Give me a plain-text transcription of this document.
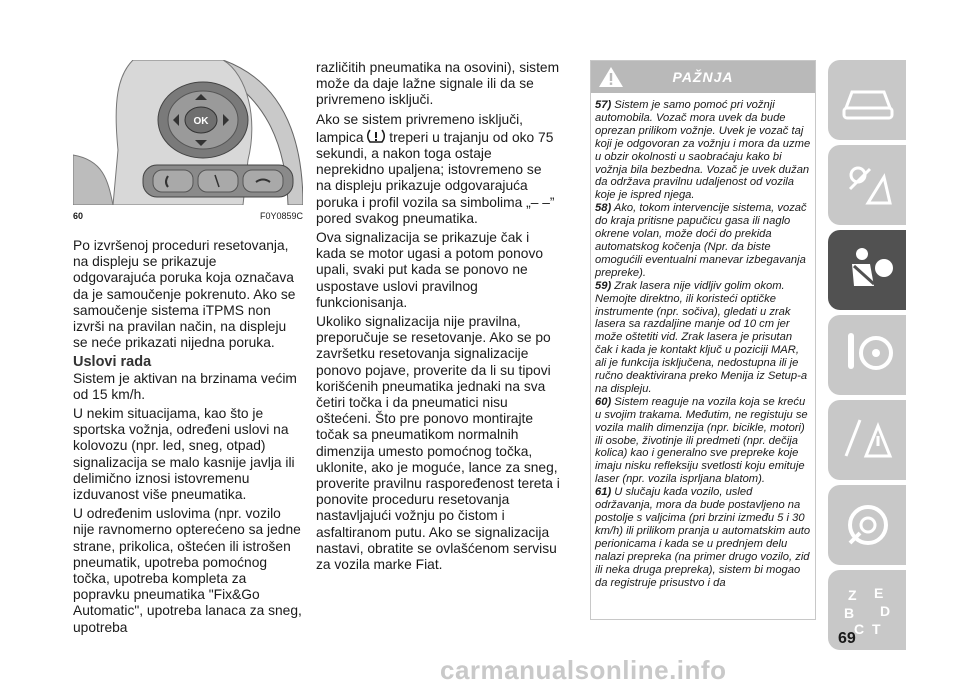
OK
60	F0Y0859C

Po izvršenoj proceduri resetovanja, na displeju se prikazuje odgovarajuća poruka koja označava da je samoučenje pokrenuto. Ako se samoučenje sistema iTPMS non izvrši na pravilan način, na displeju se neće prikazati nijedna poruka.

Uslovi rada

Sistem je aktivan na brzinama većim od 15 km/h.

U nekim situacijama, kao što je sportska vožnja, određeni uslovi na kolovozu (npr. led, sneg, otpad) signalizacija se malo kasnije javlja ili delimično iznosi istovremenu izduvanost više pneumatika.

U određenim uslovima (npr. vozilo nije ravnomerno opterećeno sa jedne strane, prikolica, oštećen ili istrošen pneumatik, upotreba pomoćnog točka, upotreba kompleta za popravku pneumatika "Fix&Go Automatic", upotreba lanaca za sneg, upotreba

različitih pneumatika na osovini), sistem može da daje lažne signale ili da se privremeno isključi.

Ako se sistem privremeno isključi, lampica treperi u trajanju od oko 75 sekundi, a nakon toga ostaje neprekidno upaljena; istovremeno se na displeju prikazuje odgovarajuća poruka i profil vozila sa simbolima „– –” pored svakog pneumatika.

Ova signalizacija se prikazuje čak i kada se motor ugasi a potom ponovo upali, svaki put kada se ponovo ne uspostave uslovi pravilnog funkcionisanja.

Ukoliko signalizacija nije pravilna, preporučuje se resetovanje. Ako se po završetku resetovanja signalizacije ponovo pojave, proverite da li su tipovi korišćenih pneumatika jednaki na sva četiri točka i da pneumatici nisu oštećeni. Što pre ponovo montirajte točak sa pneumatikom normalnih dimenzija umesto pomoćnog točka, uklonite, ako je moguće, lance za sneg, proverite pravilnu raspoređenost tereta i ponovite proceduru resetovanja nastavljajući vožnju po čistom i asfaltiranom putu. Ako se signalizacija nastavi, obratite se ovlašćenom servisu za vozila marke Fiat.

PAŽNJA

57) Sistem je samo pomoć pri vožnji automobila. Vozač mora uvek da bude oprezan prilikom vožnje. Uvek je vozač taj koji je odgovoran za vožnju i mora da uzme u obzir okolnosti u saobraćaju kako bi vožnja bila bezbedna. Vozač je uvek dužan da održava pravilnu udaljenost od vozila koje je ispred njega.

58) Ako, tokom intervencije sistema, vozač do kraja pritisne papučicu gasa ili naglo okrene volan, može doći do prekida automatskog kočenja (Npr. da biste omogućili eventualni manevar izbegavanja prepreke).

59) Zrak lasera nije vidljiv golim okom. Nemojte direktno, ili koristeći optičke instrumente (npr. sočiva), gledati u zrak lasera sa razdaljine manje od 10 cm jer može oštetiti vid. Zrak lasera je prisutan čak i kada je kontakt ključ u poziciji MAR, ali je funkcija isključena, nedostupna ili je ručno deaktivirana preko Menija iz Setup-a na displeju.

60) Sistem reaguje na vozila koja se kreću u svojim trakama. Međutim, ne registuju se vozila malih dimenzija (npr. bicikle, motori) ili osobe, životinje ili predmeti (npr. dečija kolica) kao i generalno sve prepreke koje imaju nisku refleksiju svetlosti koju emituje laser (npr. vozila isprljana blatom).

61) U slučaju kada vozilo, usled održavanja, mora da bude postavljeno na postolje s valjcima (pri brzini između 5 i 30 km/h) ili prilikom pranja u automatskim auto perionicama i kada se u prednjem delu nalazi prepreka (na primer drugo vozilo, zid ili neka druga prepreka), sistem bi mogao da registruje prisustvo i da

Z E
B D
C T
69
carmanualsonline.info
